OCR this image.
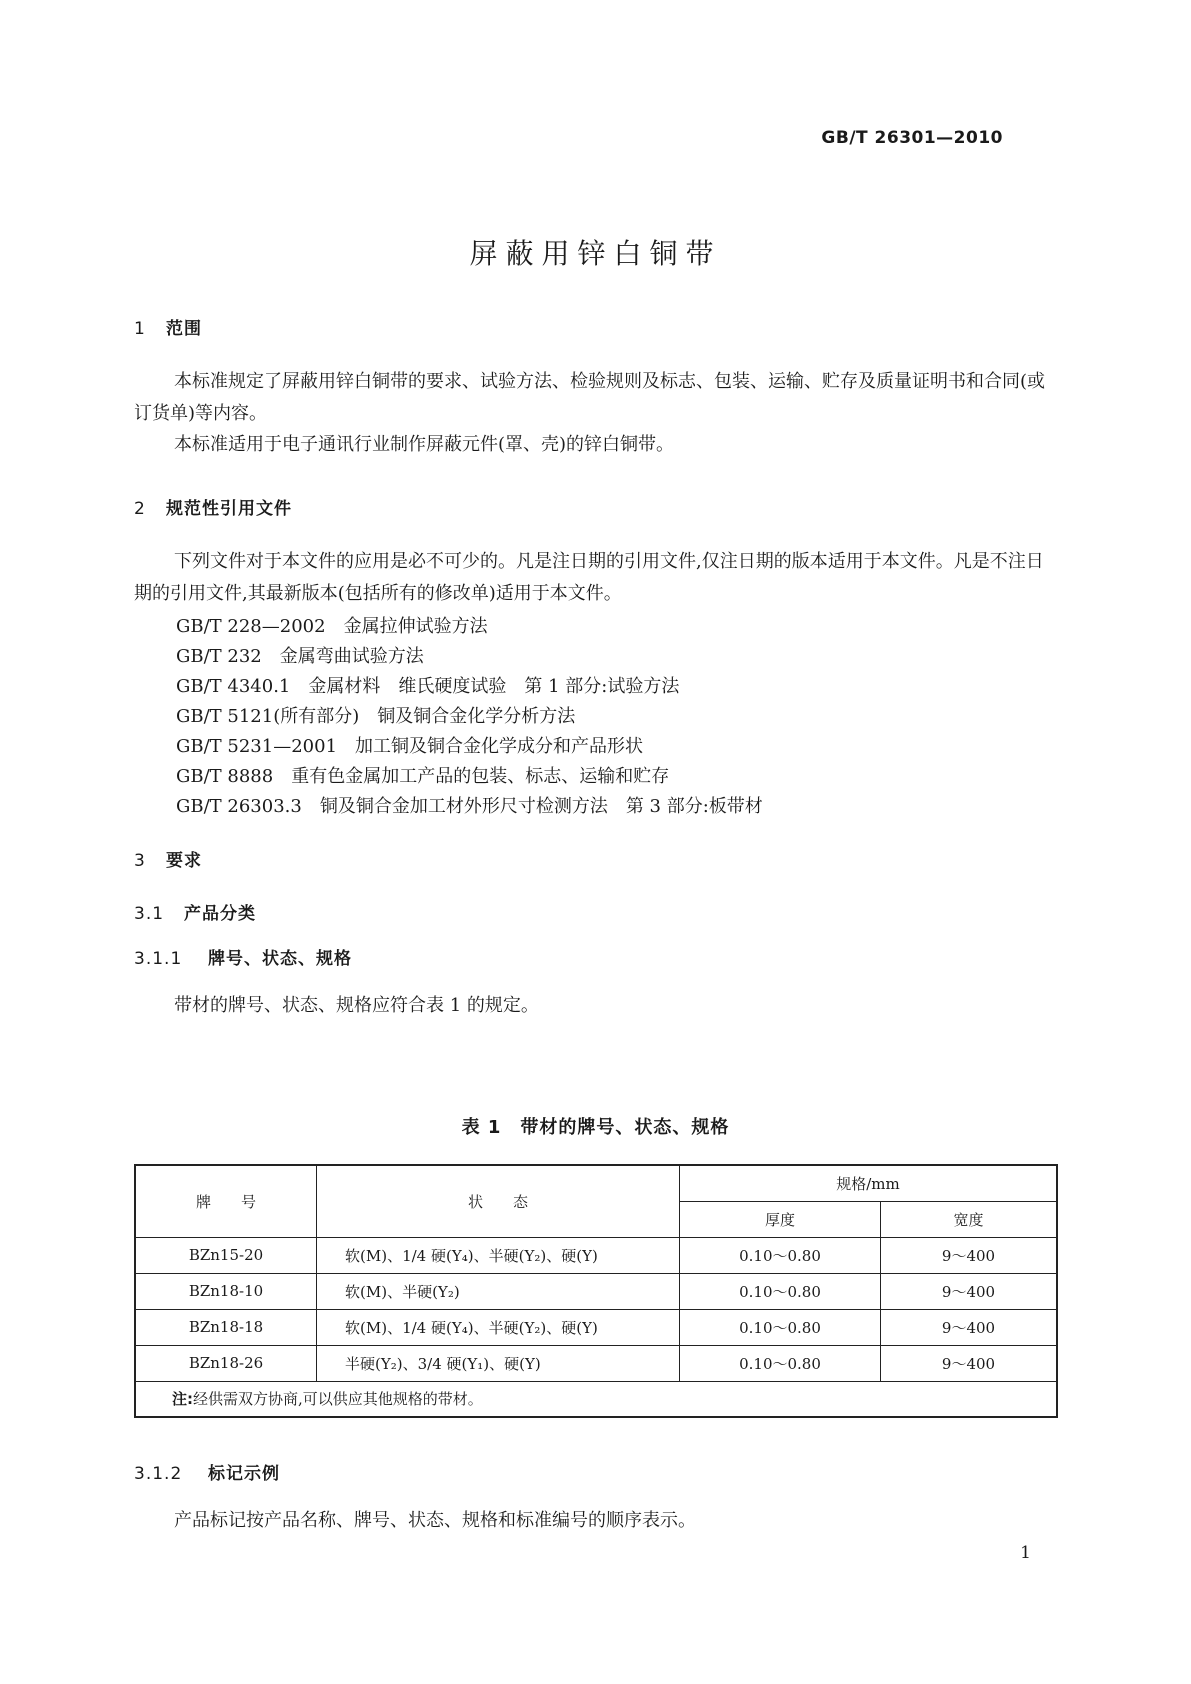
GB/T 26301—2010
屏蔽用锌白铜带
1 范围
本标准规定了屏蔽用锌白铜带的要求、试验方法、检验规则及标志、包装、运输、贮存及质量证明书和合同(或订货单)等内容。
本标准适用于电子通讯行业制作屏蔽元件(罩、壳)的锌白铜带。
2 规范性引用文件
下列文件对于本文件的应用是必不可少的。凡是注日期的引用文件,仅注日期的版本适用于本文件。凡是不注日期的引用文件,其最新版本(包括所有的修改单)适用于本文件。
GB/T 228—2002　金属拉伸试验方法
GB/T 232　金属弯曲试验方法
GB/T 4340.1　金属材料　维氏硬度试验　第 1 部分:试验方法
GB/T 5121(所有部分)　铜及铜合金化学分析方法
GB/T 5231—2001　加工铜及铜合金化学成分和产品形状
GB/T 8888　重有色金属加工产品的包装、标志、运输和贮存
GB/T 26303.3　铜及铜合金加工材外形尺寸检测方法　第 3 部分:板带材
3 要求
3.1 产品分类
3.1.1 牌号、状态、规格
带材的牌号、状态、规格应符合表 1 的规定。
表 1　带材的牌号、状态、规格
牌　　号	状　　态	规格/mm	
		厚度	宽度
BZn15-20	软(M)、1/4 硬(Y₄)、半硬(Y₂)、硬(Y)	0.10～0.80	9～400
BZn18-10	软(M)、半硬(Y₂)	0.10～0.80	9～400
BZn18-18	软(M)、1/4 硬(Y₄)、半硬(Y₂)、硬(Y)	0.10～0.80	9～400
BZn18-26	半硬(Y₂)、3/4 硬(Y₁)、硬(Y)	0.10～0.80	9～400
注:经供需双方协商,可以供应其他规格的带材。			
3.1.2 标记示例
产品标记按产品名称、牌号、状态、规格和标准编号的顺序表示。
1
